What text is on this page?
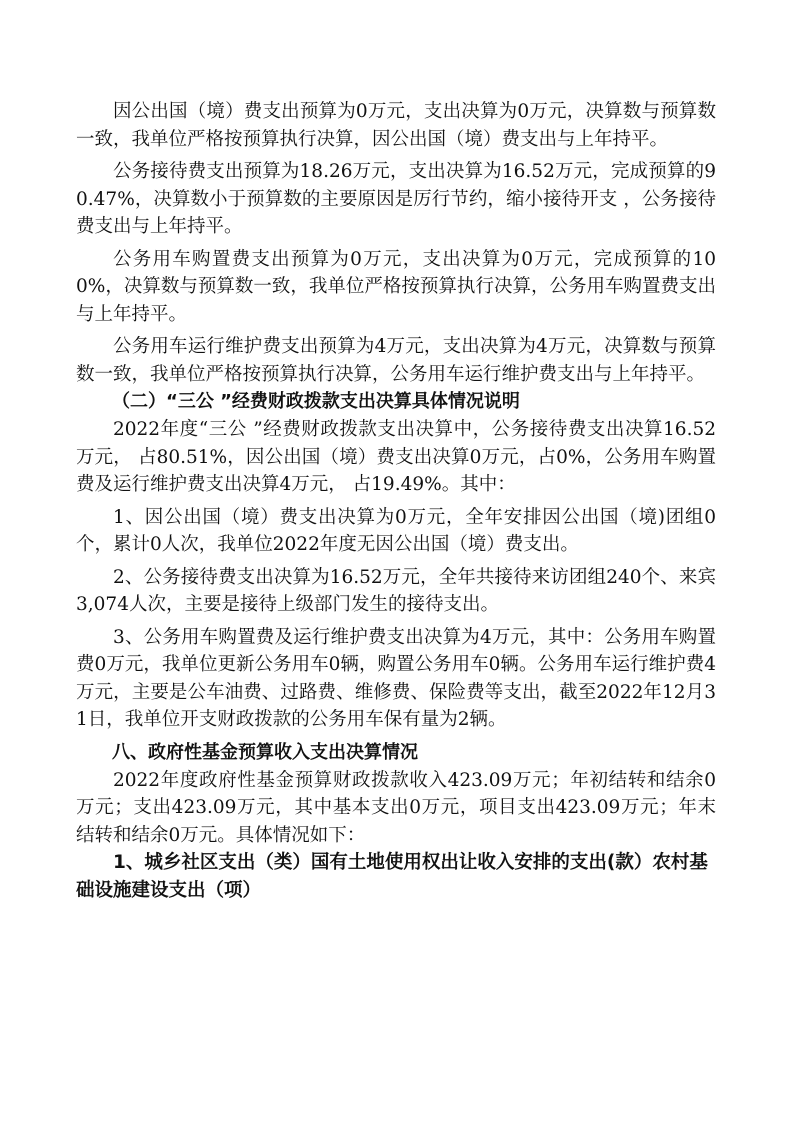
因公出国（境）费支出预算为0万元，支出决算为0万元，决算数与预算数一致，我单位严格按预算执行决算，因公出国（境）费支出与上年持平。

公务接待费支出预算为18.26万元，支出决算为16.52万元，完成预算的90.47%，决算数小于预算数的主要原因是厉行节约，缩小接待开支 ，公务接待费支出与上年持平。

公务用车购置费支出预算为0万元，支出决算为0万元，完成预算的100%，决算数与预算数一致，我单位严格按预算执行决算，公务用车购置费支出与上年持平。

公务用车运行维护费支出预算为4万元，支出决算为4万元，决算数与预算数一致，我单位严格按预算执行决算，公务用车运行维护费支出与上年持平。

（二）“三公 ”经费财政拨款支出决算具体情况说明

2022年度“三公 ”经费财政拨款支出决算中，公务接待费支出决算16.52万元， 占80.51%，因公出国（境）费支出决算0万元，占0%，公务用车购置费及运行维护费支出决算4万元， 占19.49%。其中：

1、因公出国（境）费支出决算为0万元，全年安排因公出国（境)团组0个，累计0人次，我单位2022年度无因公出国（境）费支出。

2、公务接待费支出决算为16.52万元，全年共接待来访团组240个、来宾3,074人次，主要是接待上级部门发生的接待支出。

3、公务用车购置费及运行维护费支出决算为4万元，其中：公务用车购置费0万元，我单位更新公务用车0辆，购置公务用车0辆。公务用车运行维护费4万元，主要是公车油费、过路费、维修费、保险费等支出，截至2022年12月31日，我单位开支财政拨款的公务用车保有量为2辆。

八、政府性基金预算收入支出决算情况

2022年度政府性基金预算财政拨款收入423.09万元；年初结转和结余0万元；支出423.09万元，其中基本支出0万元，项目支出423.09万元；年末结转和结余0万元。具体情况如下：

1、城乡社区支出（类）国有土地使用权出让收入安排的支出(款）农村基础设施建设支出（项）
